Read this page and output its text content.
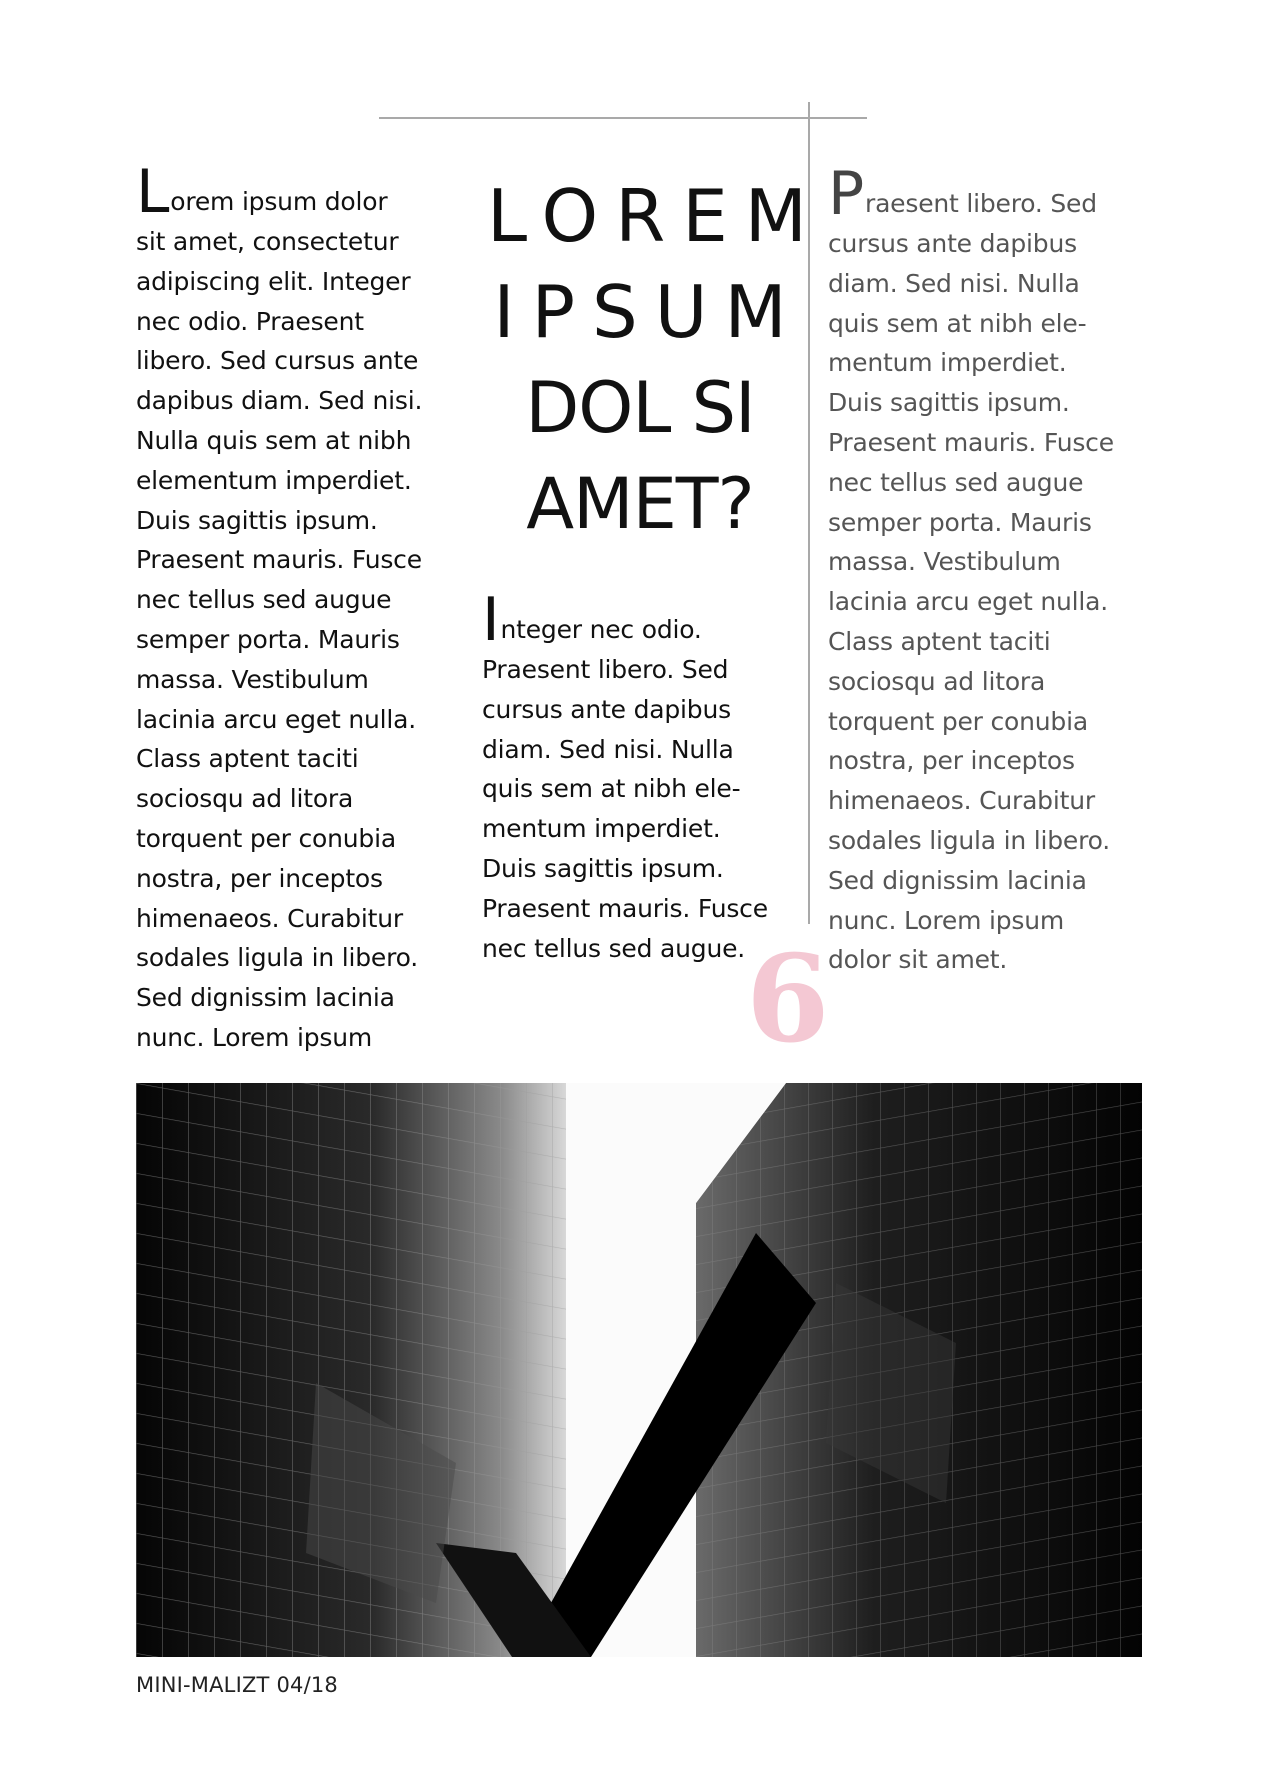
Lorem ipsum dolor
sit amet, consectetur
adipiscing elit. Integer
nec odio. Praesent
libero. Sed cursus ante
dapibus diam. Sed nisi.
Nulla quis sem at nibh
elementum imperdiet.
Duis sagittis ipsum.
Praesent mauris. Fusce
nec tellus sed augue
semper porta. Mauris
massa. Vestibulum
lacinia arcu eget nulla.
Class aptent taciti
sociosqu ad litora
torquent per conubia
nostra, per inceptos
himenaeos. Curabitur
sodales ligula in libero.
Sed dignissim lacinia
nunc. Lorem ipsum
LOREM
IPSUM
DOL SI
AMET?
Integer nec odio.
Praesent libero. Sed
cursus ante dapibus
diam. Sed nisi. Nulla
quis sem at nibh ele-
mentum imperdiet.
Duis sagittis ipsum.
Praesent mauris. Fusce
nec tellus sed augue.
Praesent libero. Sed
cursus ante dapibus
diam. Sed nisi. Nulla
quis sem at nibh ele-
mentum imperdiet.
Duis sagittis ipsum.
Praesent mauris. Fusce
nec tellus sed augue
semper porta. Mauris
massa. Vestibulum
lacinia arcu eget nulla.
Class aptent taciti
sociosqu ad litora
torquent per conubia
nostra, per inceptos
himenaeos. Curabitur
sodales ligula in libero.
Sed dignissim lacinia
nunc. Lorem ipsum
dolor sit amet.
6
MINI-MALIZT 04/18
